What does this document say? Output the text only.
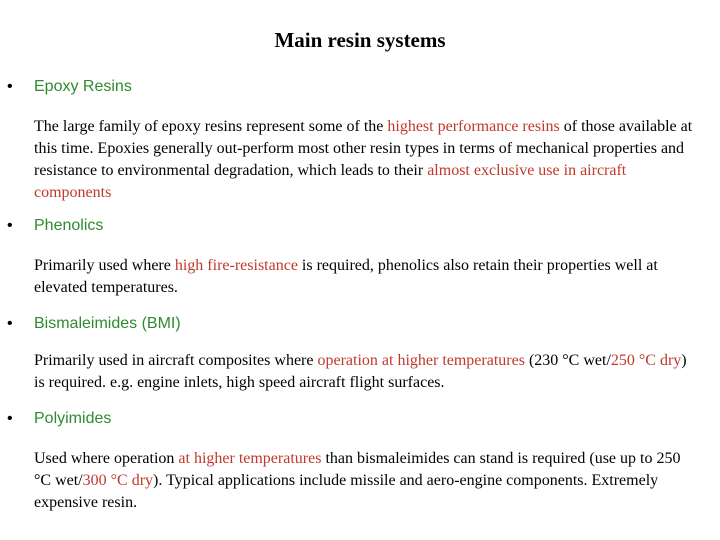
Main resin systems
• Epoxy Resins
The large family of epoxy resins represent some of the highest performance resins of those available at this time. Epoxies generally out-perform most other resin types in terms of mechanical properties and resistance to environmental degradation, which leads to their almost exclusive use in aircraft components
• Phenolics
Primarily used where high fire-resistance is required, phenolics also retain their properties well at elevated temperatures.
• Bismaleimides (BMI)
Primarily used in aircraft composites where operation at higher temperatures (230 °C wet/250 °C dry) is required. e.g. engine inlets, high speed aircraft flight surfaces.
• Polyimides
Used where operation at higher temperatures than bismaleimides can stand is required (use up to 250 °C wet/300 °C dry). Typical applications include missile and aero-engine components. Extremely expensive resin.
